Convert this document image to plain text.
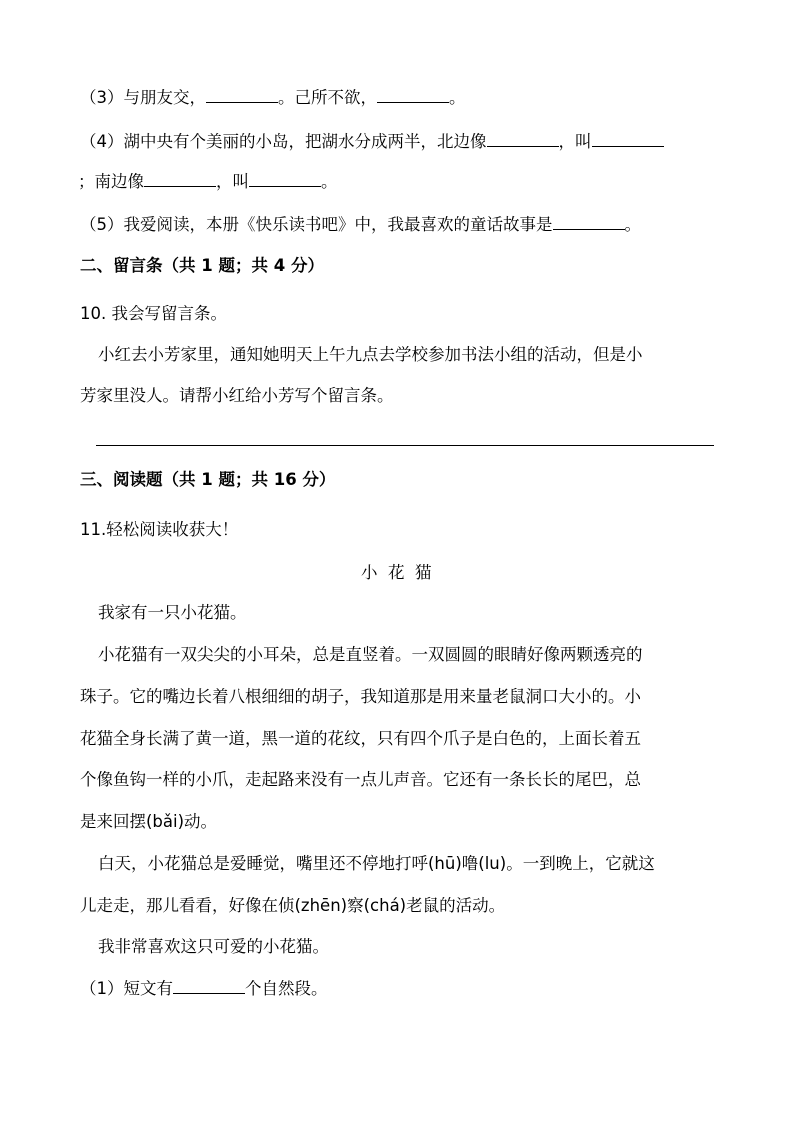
（3）与朋友交，	。己所不欲，	。
（4）湖中央有个美丽的小岛，把湖水分成两半，北边像	，叫
；南边像	，叫	。
（5）我爱阅读，本册《快乐读书吧》中，我最喜欢的童话故事是	。
二、留言条（共 1 题；共 4 分）
10. 我会写留言条。
小红去小芳家里，通知她明天上午九点去学校参加书法小组的活动，但是小
芳家里没人。请帮小红给小芳写个留言条。
三、阅读题（共 1 题；共 16 分）
11.轻松阅读收获大！
小  花  猫
我家有一只小花猫。
小花猫有一双尖尖的小耳朵，总是直竖着。一双圆圆的眼睛好像两颗透亮的
珠子。它的嘴边长着八根细细的胡子，我知道那是用来量老鼠洞口大小的。小
花猫全身长满了黄一道，黑一道的花纹，只有四个爪子是白色的，上面长着五
个像鱼钩一样的小爪，走起路来没有一点儿声音。它还有一条长长的尾巴，总
是来回摆(bǎi)动。
白天，小花猫总是爱睡觉，嘴里还不停地打呼(hū)噜(lu)。一到晚上，它就这
儿走走，那儿看看，好像在侦(zhēn)察(chá)老鼠的活动。
我非常喜欢这只可爱的小花猫。
（1）短文有	个自然段。
